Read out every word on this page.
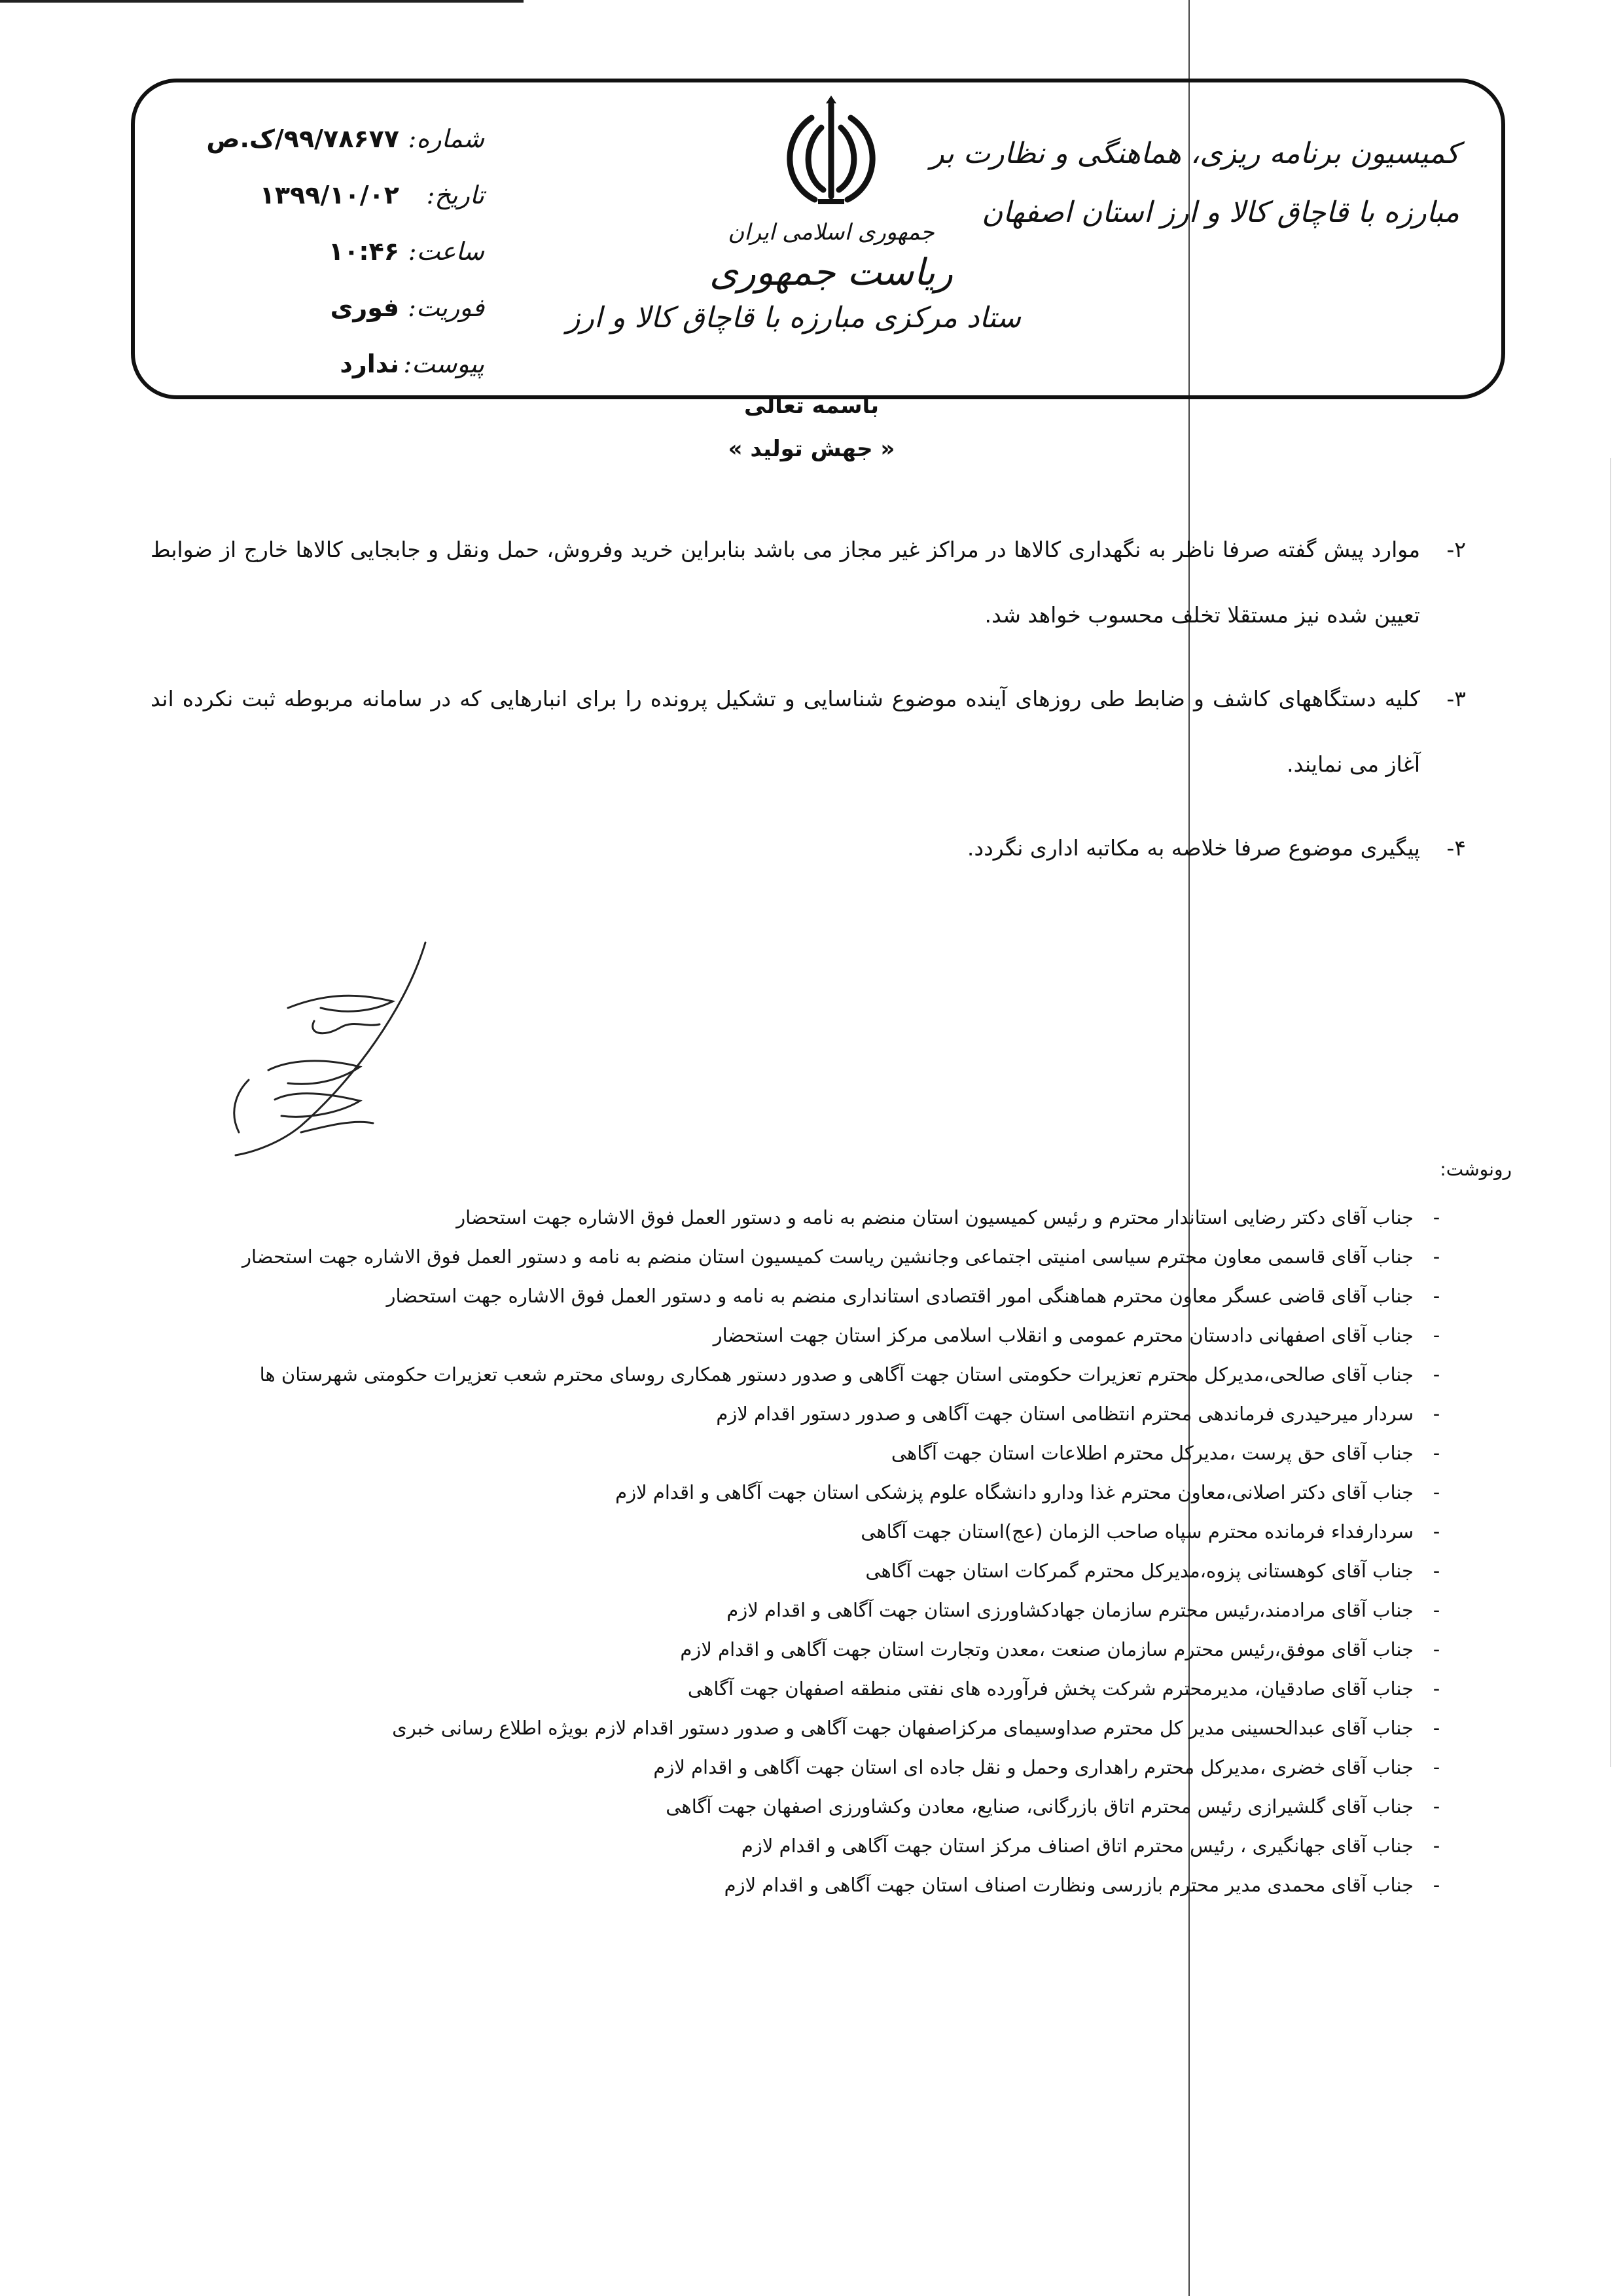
کمیسیون برنامه ریزی، هماهنگی و نظارت بر
مبارزه با قاچاق کالا و ارز استان اصفهان
جمهوری اسلامی ایران
ریاست جمهوری
ستاد مرکزی مبارزه با قاچاق کالا و ارز
شماره:
۹۹/۷۸۶۷۷/ک.ص
تاریخ:
۱۳۹۹/۱۰/۰۲
ساعت:
۱۰:۴۶
فوریت:
فوری
پیوست:
ندارد
باسمه تعالی
« جهش تولید »
۲-
موارد پیش گفته صرفا ناظر به نگهداری کالاها در مراکز غیر مجاز می باشد بنابراین خرید وفروش، حمل ونقل و جابجایی کالاها خارج از ضوابط تعیین شده نیز مستقلا تخلف محسوب خواهد شد.
۳-
کلیه دستگاههای کاشف و ضابط طی روزهای آینده موضوع شناسایی و تشکیل پرونده را برای انبارهایی که در سامانه مربوطه ثبت نکرده اند آغاز می نمایند.
۴-
پیگیری موضوع صرفا خلاصه به مکاتبه اداری نگردد.
رونوشت:
-
جناب آقای دکتر رضایی استاندار محترم و رئیس کمیسیون استان منضم به نامه و دستور العمل فوق الاشاره جهت استحضار
-
جناب آقای قاسمی معاون محترم سیاسی امنیتی اجتماعی وجانشین ریاست کمیسیون استان منضم به نامه و دستور العمل فوق الاشاره جهت استحضار
-
جناب آقای قاضی عسگر معاون محترم هماهنگی امور اقتصادی استانداری منضم به نامه و دستور العمل فوق الاشاره جهت استحضار
-
جناب آقای اصفهانی دادستان محترم عمومی و انقلاب اسلامی مرکز استان جهت استحضار
-
جناب آقای صالحی،مدیرکل محترم تعزیرات حکومتی استان جهت آگاهی و صدور دستور همکاری روسای محترم شعب تعزیرات حکومتی شهرستان ها
-
سردار میرحیدری فرماندهی محترم انتظامی استان جهت آگاهی و صدور دستور اقدام لازم
-
جناب آقای حق پرست ،مدیرکل محترم اطلاعات استان جهت آگاهی
-
جناب آقای دکتر اصلانی،معاون محترم غذا ودارو دانشگاه علوم پزشکی استان جهت آگاهی و اقدام لازم
-
سردارفداء فرمانده محترم سپاه صاحب الزمان (عج)استان جهت آگاهی
-
جناب آقای کوهستانی پزوه،مدیرکل محترم گمرکات استان جهت آگاهی
-
جناب آقای مرادمند،رئیس محترم سازمان جهادکشاورزی استان جهت آگاهی و اقدام لازم
-
جناب آقای موفق،رئیس محترم سازمان صنعت ،معدن وتجارت استان جهت آگاهی و اقدام لازم
-
جناب آقای صادقیان، مدیرمحترم شرکت پخش فرآورده های نفتی منطقه اصفهان جهت آگاهی
-
جناب آقای عبدالحسینی مدیر کل محترم صداوسیمای مرکزاصفهان جهت آگاهی و صدور دستور اقدام لازم بویژه اطلاع رسانی خبری
-
جناب آقای خضری ،مدیرکل محترم راهداری وحمل و نقل جاده ای استان جهت آگاهی و اقدام لازم
-
جناب آقای گلشیرازی رئیس محترم اتاق بازرگانی، صنایع، معادن وکشاورزی اصفهان جهت آگاهی
-
جناب آقای جهانگیری ، رئیس محترم اتاق اصناف مرکز استان جهت آگاهی و اقدام لازم
-
جناب آقای محمدی مدیر محترم بازرسی ونظارت اصناف استان جهت آگاهی و اقدام لازم
